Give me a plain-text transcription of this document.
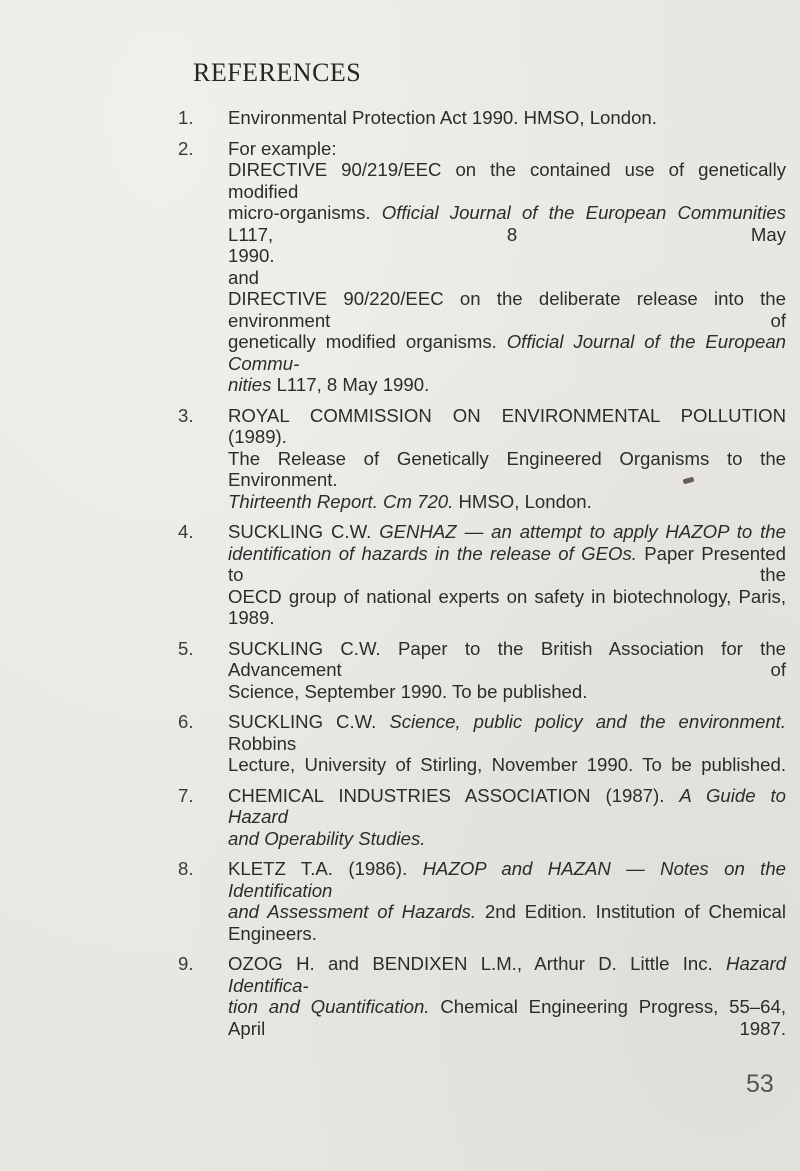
REFERENCES
1.	Environmental Protection Act 1990. HMSO, London.
2.	For example:
DIRECTIVE 90/219/EEC on the contained use of genetically modified
micro-organisms. Official Journal of the European Communities L117, 8 May
1990.
and
DIRECTIVE 90/220/EEC on the deliberate release into the environment of
genetically modified organisms. Official Journal of the European Commu-
nities L117, 8 May 1990.
3.	ROYAL COMMISSION ON ENVIRONMENTAL POLLUTION (1989).
The Release of Genetically Engineered Organisms to the Environment.
Thirteenth Report. Cm 720. HMSO, London.
4.	SUCKLING C.W. GENHAZ — an attempt to apply HAZOP to the
identification of hazards in the release of GEOs. Paper Presented to the
OECD group of national experts on safety in biotechnology, Paris, 1989.
5.	SUCKLING C.W. Paper to the British Association for the Advancement of
Science, September 1990. To be published.
6.	SUCKLING C.W. Science, public policy and the environment. Robbins
Lecture, University of Stirling, November 1990. To be published.
7.	CHEMICAL INDUSTRIES ASSOCIATION (1987). A Guide to Hazard
and Operability Studies.
8.	KLETZ T.A. (1986). HAZOP and HAZAN — Notes on the Identification
and Assessment of Hazards. 2nd Edition. Institution of Chemical Engineers.
9.	OZOG H. and BENDIXEN L.M., Arthur D. Little Inc. Hazard Identifica-
tion and Quantification. Chemical Engineering Progress, 55–64, April 1987.
53
